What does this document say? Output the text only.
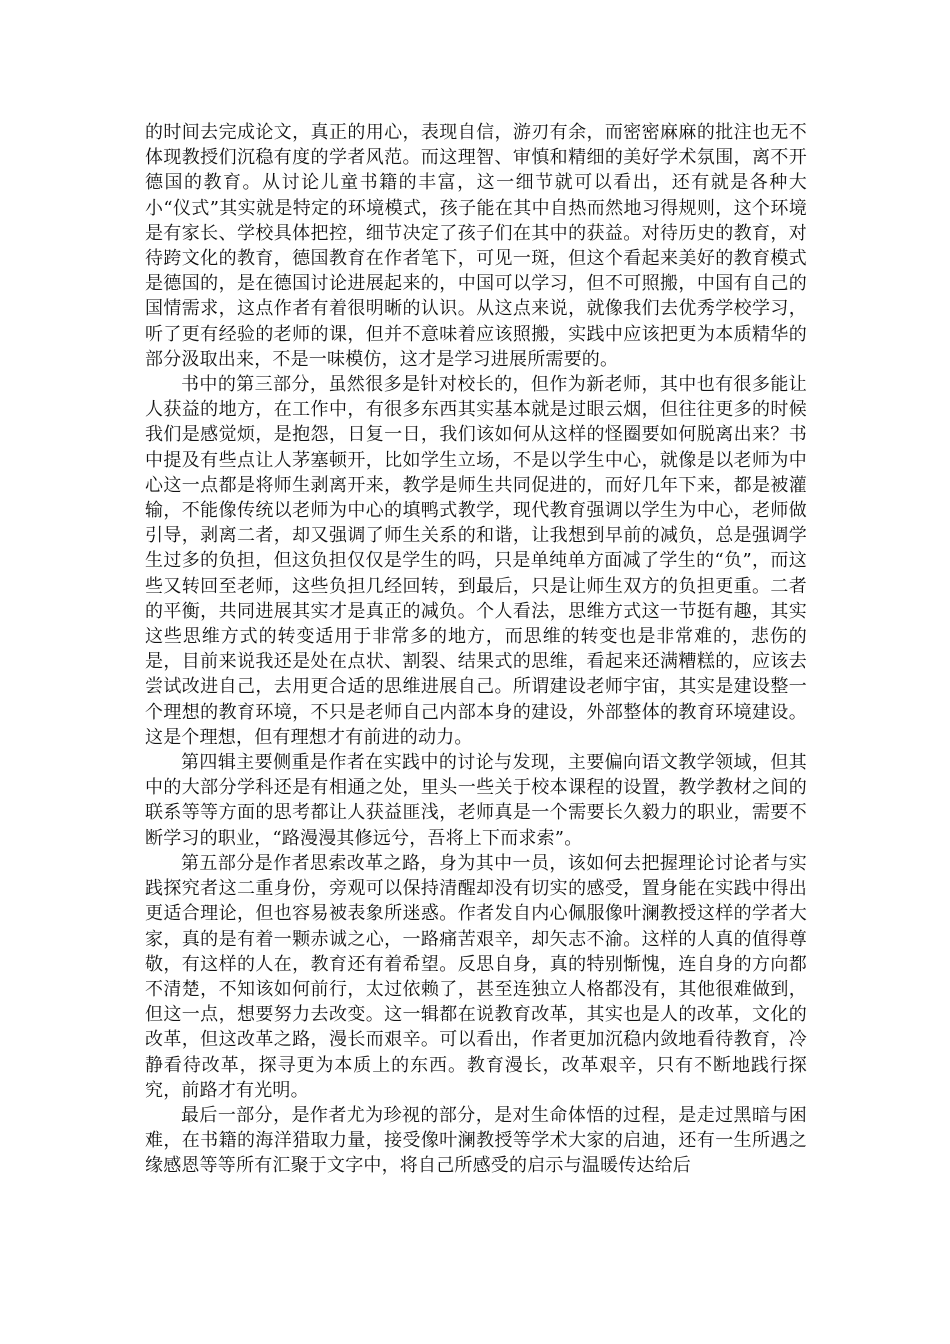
的时间去完成论文，真正的用心，表现自信，游刃有余，而密密麻麻的批注也无不体现教授们沉稳有度的学者风范。而这理智、审慎和精细的美好学术氛围，离不开德国的教育。从讨论儿童书籍的丰富，这一细节就可以看出，还有就是各种大小“仪式”其实就是特定的环境模式，孩子能在其中自热而然地习得规则，这个环境是有家长、学校具体把控，细节决定了孩子们在其中的获益。对待历史的教育，对待跨文化的教育，德国教育在作者笔下，可见一斑，但这个看起来美好的教育模式是德国的，是在德国讨论进展起来的，中国可以学习，但不可照搬，中国有自己的国情需求，这点作者有着很明晰的认识。从这点来说，就像我们去优秀学校学习，听了更有经验的老师的课，但并不意味着应该照搬，实践中应该把更为本质精华的部分汲取出来，不是一味模仿，这才是学习进展所需要的。

书中的第三部分，虽然很多是针对校长的，但作为新老师，其中也有很多能让人获益的地方，在工作中，有很多东西其实基本就是过眼云烟，但往往更多的时候我们是感觉烦，是抱怨，日复一日，我们该如何从这样的怪圈要如何脱离出来？书中提及有些点让人茅塞顿开，比如学生立场，不是以学生中心，就像是以老师为中心这一点都是将师生剥离开来，教学是师生共同促进的，而好几年下来，都是被灌输，不能像传统以老师为中心的填鸭式教学，现代教育强调以学生为中心，老师做引导，剥离二者，却又强调了师生关系的和谐，让我想到早前的减负，总是强调学生过多的负担，但这负担仅仅是学生的吗，只是单纯单方面减了学生的“负”，而这些又转回至老师，这些负担几经回转，到最后，只是让师生双方的负担更重。二者的平衡，共同进展其实才是真正的减负。个人看法，思维方式这一节挺有趣，其实这些思维方式的转变适用于非常多的地方，而思维的转变也是非常难的，悲伤的是，目前来说我还是处在点状、割裂、结果式的思维，看起来还满糟糕的，应该去尝试改进自己，去用更合适的思维进展自己。所谓建设老师宇宙，其实是建设整一个理想的教育环境，不只是老师自己内部本身的建设，外部整体的教育环境建设。这是个理想，但有理想才有前进的动力。

第四辑主要侧重是作者在实践中的讨论与发现，主要偏向语文教学领域，但其中的大部分学科还是有相通之处，里头一些关于校本课程的设置，教学教材之间的联系等等方面的思考都让人获益匪浅，老师真是一个需要长久毅力的职业，需要不断学习的职业，“路漫漫其修远兮，吾将上下而求索”。

第五部分是作者思索改革之路，身为其中一员，该如何去把握理论讨论者与实践探究者这二重身份，旁观可以保持清醒却没有切实的感受，置身能在实践中得出更适合理论，但也容易被表象所迷惑。作者发自内心佩服像叶澜教授这样的学者大家，真的是有着一颗赤诚之心，一路痛苦艰辛，却矢志不渝。这样的人真的值得尊敬，有这样的人在，教育还有着希望。反思自身，真的特别惭愧，连自身的方向都不清楚，不知该如何前行，太过依赖了，甚至连独立人格都没有，其他很难做到，但这一点，想要努力去改变。这一辑都在说教育改革，其实也是人的改革，文化的改革，但这改革之路，漫长而艰辛。可以看出，作者更加沉稳内敛地看待教育，冷静看待改革，探寻更为本质上的东西。教育漫长，改革艰辛，只有不断地践行探究，前路才有光明。

最后一部分，是作者尤为珍视的部分，是对生命体悟的过程，是走过黑暗与困难，在书籍的海洋猎取力量，接受像叶澜教授等学术大家的启迪，还有一生所遇之缘感恩等等所有汇聚于文字中，将自己所感受的启示与温暖传达给后
